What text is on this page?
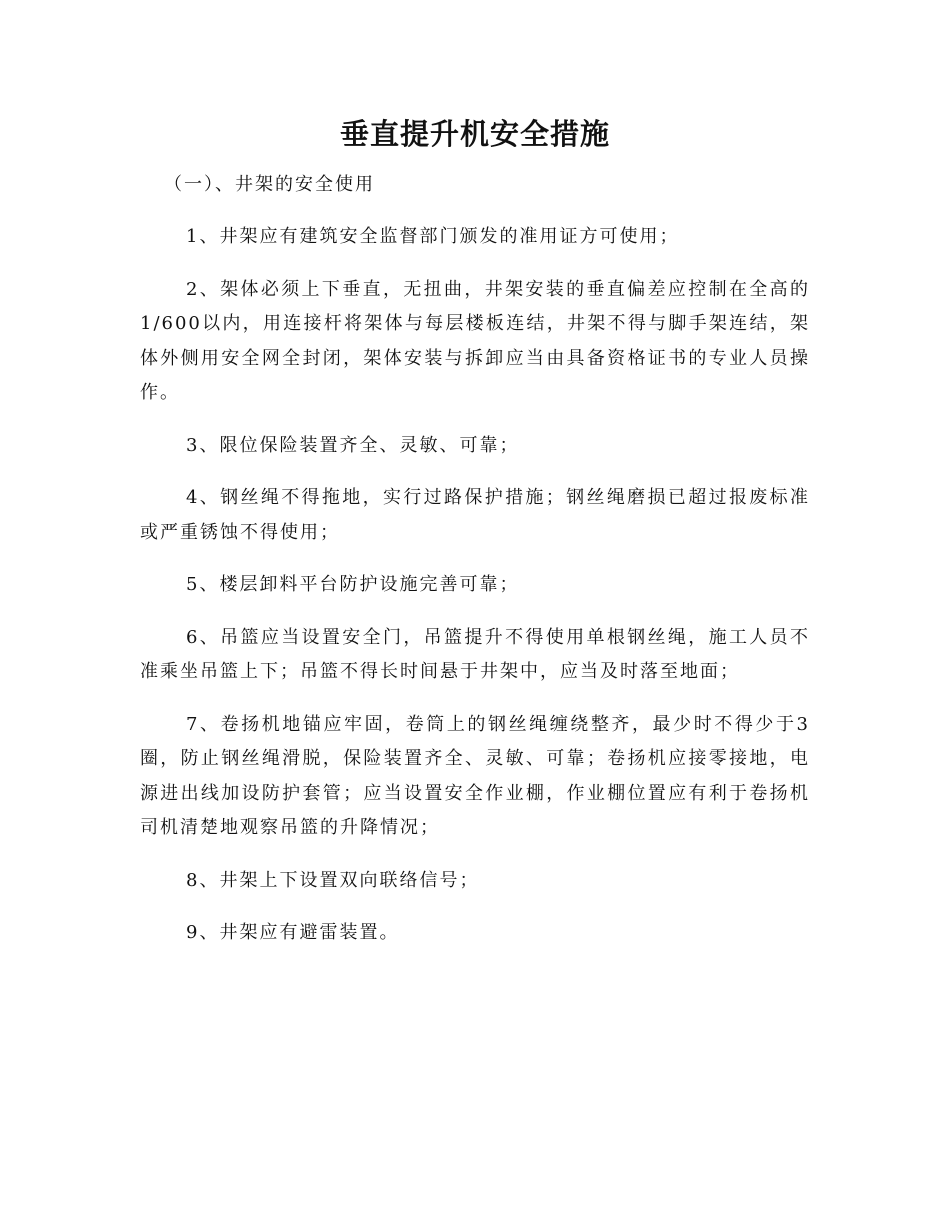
垂直提升机安全措施

（一）、井架的安全使用

1、井架应有建筑安全监督部门颁发的准用证方可使用；

2、架体必须上下垂直，无扭曲，井架安装的垂直偏差应控制在全高的1/600以内，用连接杆将架体与每层楼板连结，井架不得与脚手架连结，架体外侧用安全网全封闭，架体安装与拆卸应当由具备资格证书的专业人员操作。

3、限位保险装置齐全、灵敏、可靠；

4、钢丝绳不得拖地，实行过路保护措施；钢丝绳磨损已超过报废标准或严重锈蚀不得使用；

5、楼层卸料平台防护设施完善可靠；

6、吊篮应当设置安全门，吊篮提升不得使用单根钢丝绳，施工人员不准乘坐吊篮上下；吊篮不得长时间悬于井架中，应当及时落至地面；

7、卷扬机地锚应牢固，卷筒上的钢丝绳缠绕整齐，最少时不得少于3圈，防止钢丝绳滑脱，保险装置齐全、灵敏、可靠；卷扬机应接零接地，电源进出线加设防护套管；应当设置安全作业棚，作业棚位置应有利于卷扬机司机清楚地观察吊篮的升降情况；

8、井架上下设置双向联络信号；

9、井架应有避雷装置。
